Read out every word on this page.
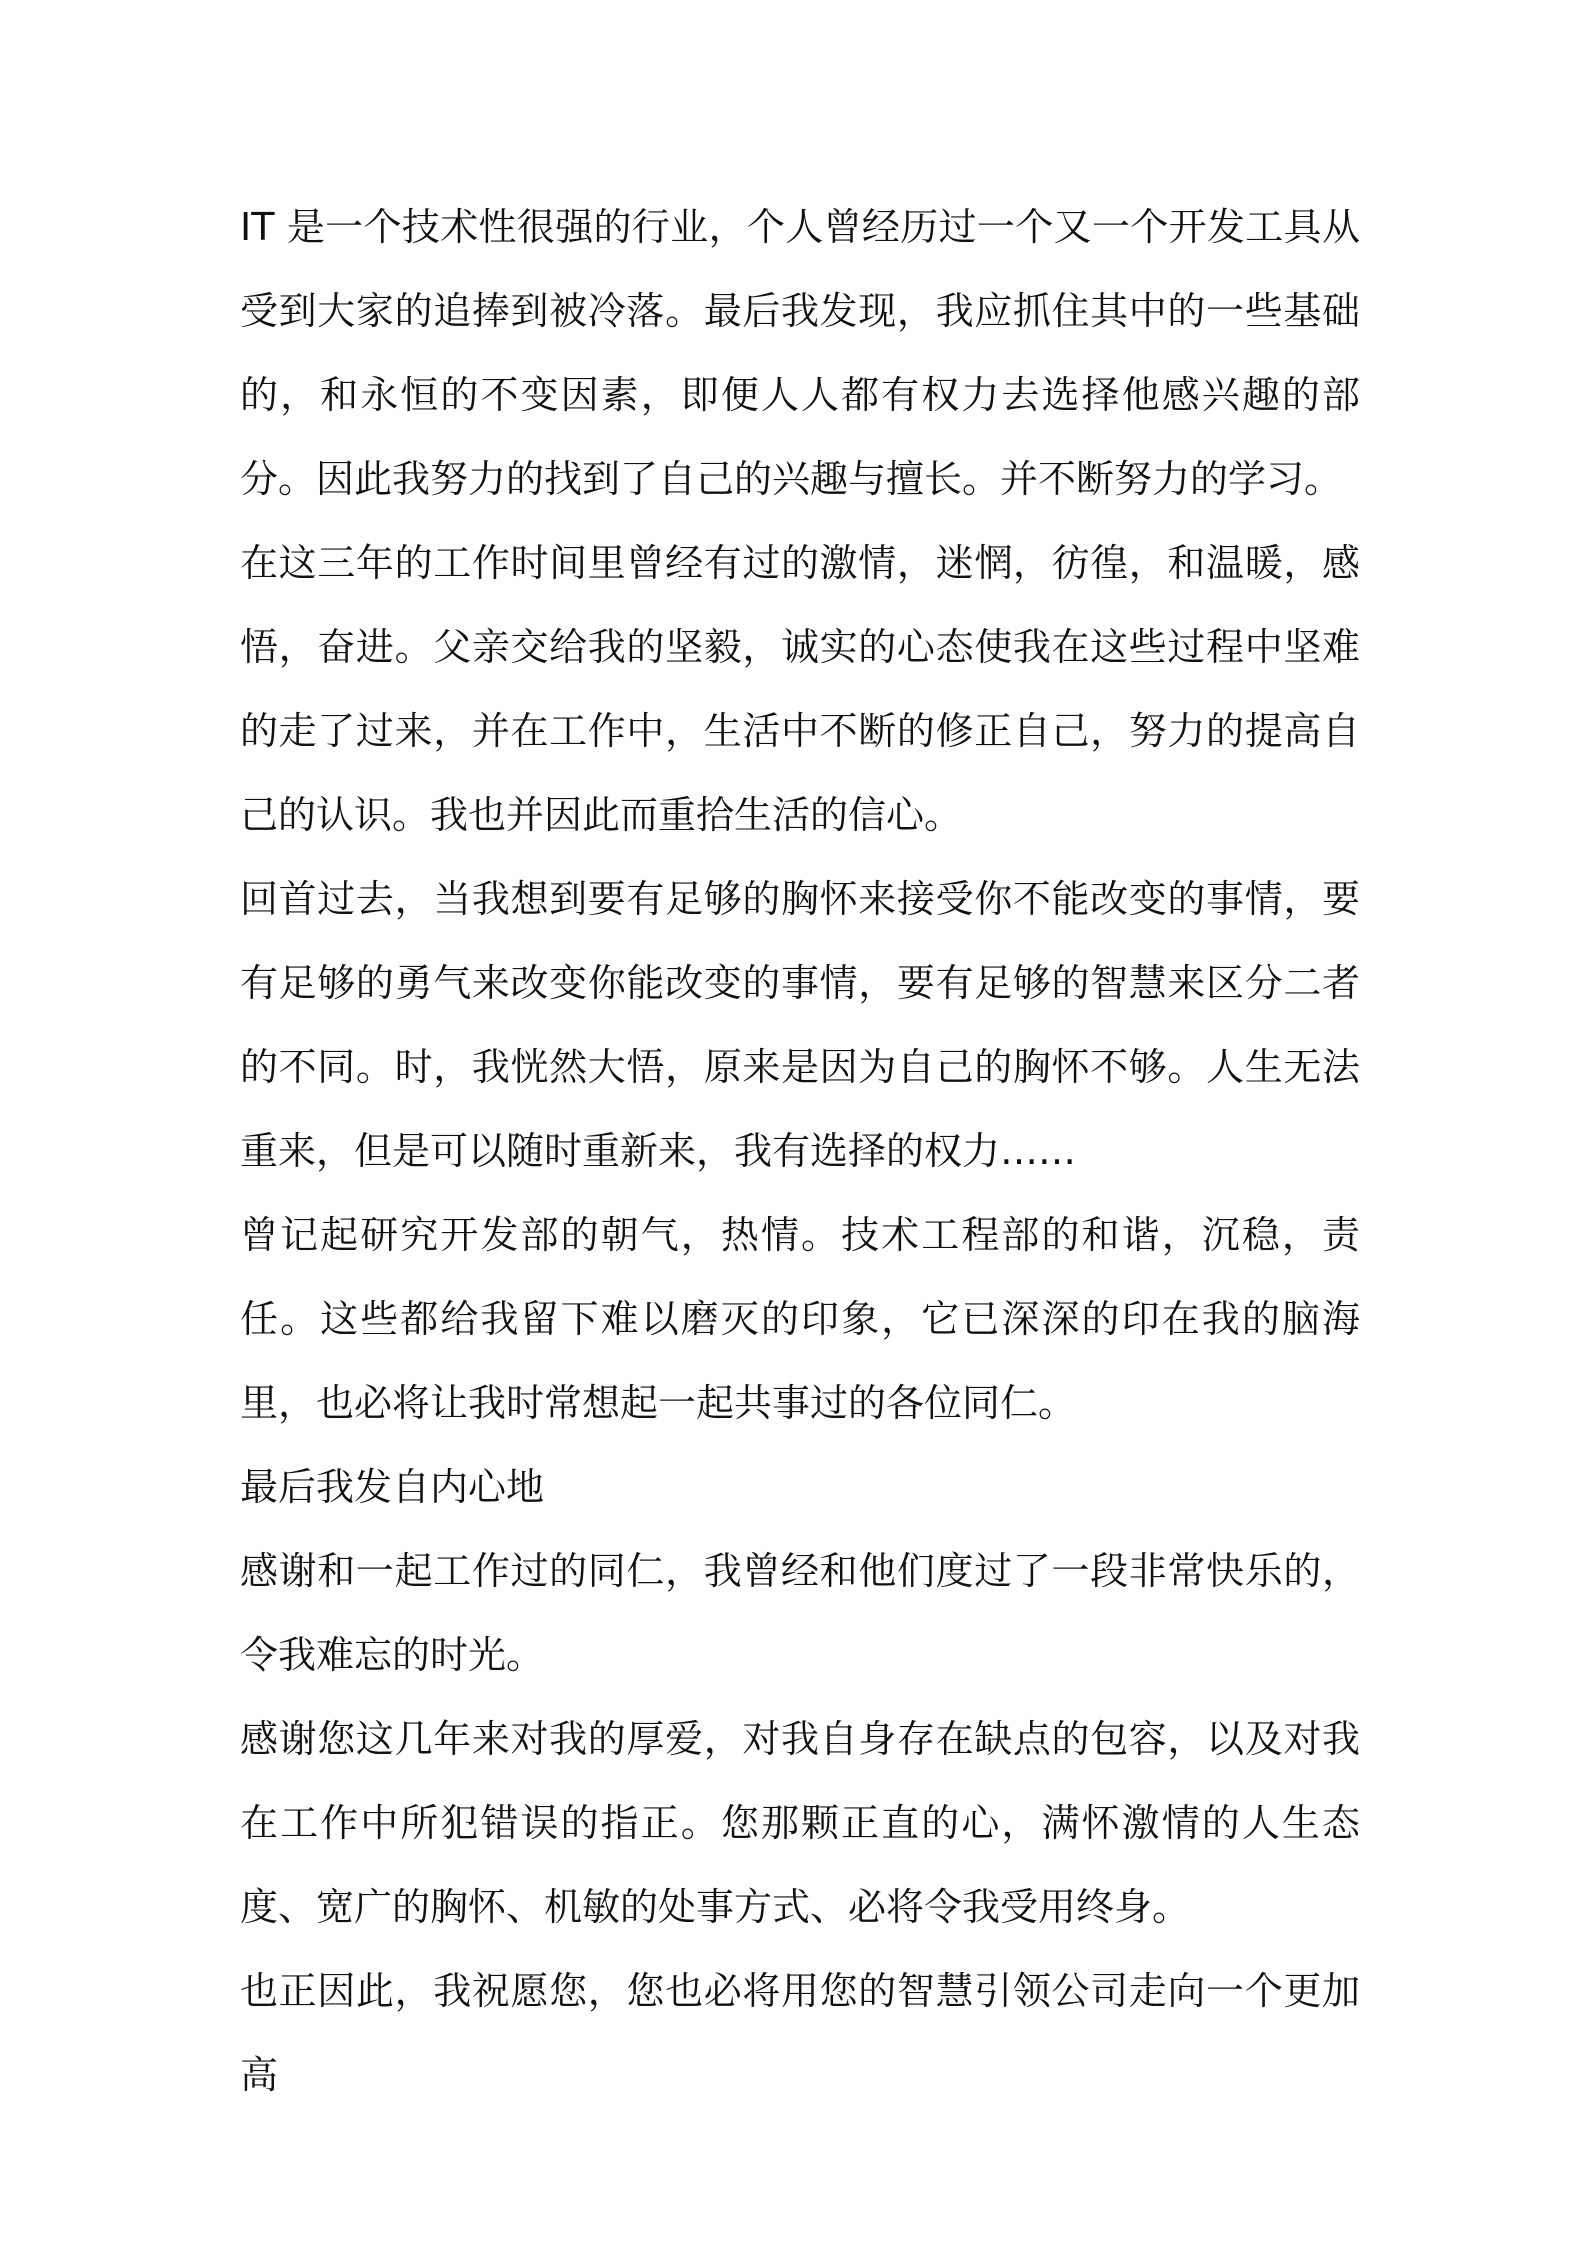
IT 是一个技术性很强的行业，个人曾经历过一个又一个开发工具从受到大家的追捧到被冷落。最后我发现，我应抓住其中的一些基础的，和永恒的不变因素，即便人人都有权力去选择他感兴趣的部分。因此我努力的找到了自己的兴趣与擅长。并不断努力的学习。

在这三年的工作时间里曾经有过的激情，迷惘，彷徨，和温暖，感悟，奋进。父亲交给我的坚毅，诚实的心态使我在这些过程中坚难的走了过来，并在工作中，生活中不断的修正自己，努力的提高自己的认识。我也并因此而重拾生活的信心。

回首过去，当我想到要有足够的胸怀来接受你不能改变的事情，要有足够的勇气来改变你能改变的事情，要有足够的智慧来区分二者的不同。时，我恍然大悟，原来是因为自己的胸怀不够。人生无法重来，但是可以随时重新来，我有选择的权力……

曾记起研究开发部的朝气，热情。技术工程部的和谐，沉稳，责任。这些都给我留下难以磨灭的印象，它已深深的印在我的脑海里，也必将让我时常想起一起共事过的各位同仁。

最后我发自内心地

感谢和一起工作过的同仁，我曾经和他们度过了一段非常快乐的，令我难忘的时光。

感谢您这几年来对我的厚爱，对我自身存在缺点的包容，以及对我在工作中所犯错误的指正。您那颗正直的心，满怀激情的人生态度、宽广的胸怀、机敏的处事方式、必将令我受用终身。

也正因此，我祝愿您，您也必将用您的智慧引领公司走向一个更加高
